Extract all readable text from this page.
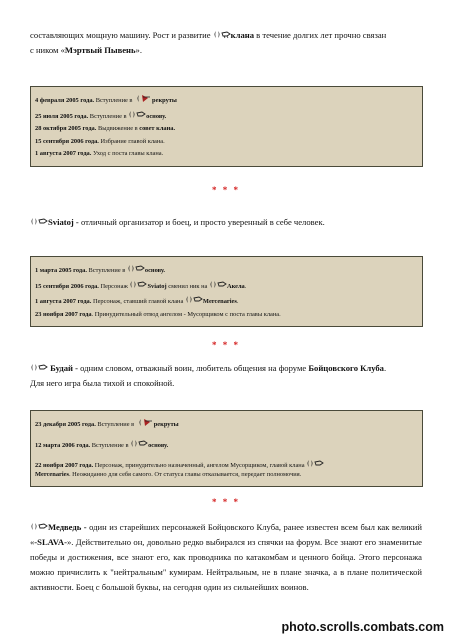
составляющих мощную машину. Рост и развитие
клана в течение долгих лет прочно связан
с ником «Мэртвый Пывень».

4 февраля 2005 года. Вступление в	рекруты
25 июля 2005 года. Вступление в	основу.
28 октября 2005 года. Выдвижение в совет клана.
15 сентября 2006 года. Избрание главой клана.
1 августа 2007 года. Уход с поста главы клана.
* * *

Sviatoj - отличный организатор и боец, и просто уверенный в себе человек.

1 марта 2005 года. Вступление в	основу.
15 сентября 2006 года. Персонаж	Sviatoj сменил ник на	Акела.
1 августа 2007 года. Персонаж, ставший главой клана	Mercenaries.
23 ноября 2007 года. Принудительный отвод ангелом - Мусорщиком с поста главы клана.
* * *

Будай - одним словом, отважный воин, любитель общения на форуме Бойцовского Клуба.
Для него игра была тихой и спокойной.

23 декабря 2005 года. Вступление в	рекруты
12 марта 2006 года. Вступление в	основу.
22 ноября 2007 года. Персонаж, принудительно назначенный, ангелом Мусорщиком, главой клана

Mercenaries. Неожиданно для себя самого. От статуса главы отказывается, передает полномочия.
* * *

Медведь - один из старейших персонажей Бойцовского Клуба, ранее известен всем был как великий «-SLAVA-». Действительно он, довольно редко выбирался из спячки на форум. Все знают его знаменитые победы и достижения, все знают его, как проводника по катакомбам и ценного бойца. Этого персонажа можно причислить к "нейтральным" кумирам. Нейтральным, не в плане значка, а в плане политической активности. Боец с большой буквы, на сегодня один из сильнейших воинов.

photo.scrolls.combats.com
